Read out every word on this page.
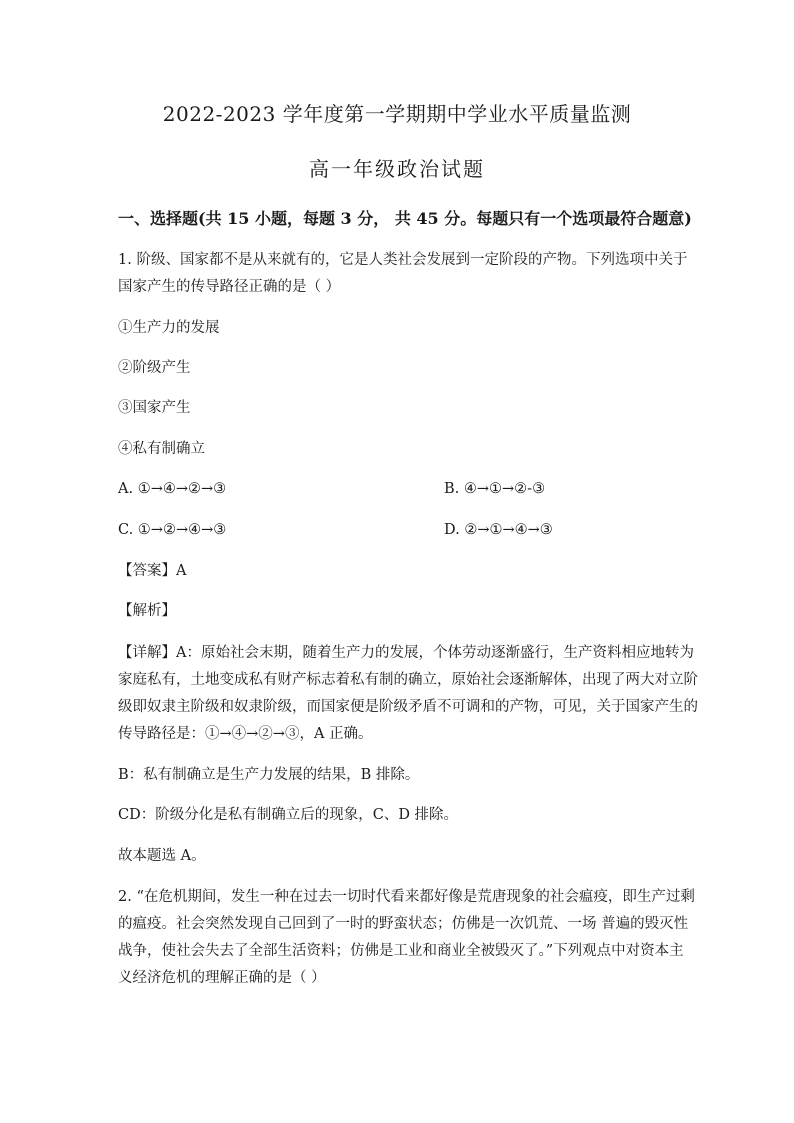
2022-2023 学年度第一学期期中学业水平质量监测
高一年级政治试题
一、选择题(共 15 小题，每题 3 分， 共 45 分。每题只有一个选项最符合题意)
1. 阶级、国家都不是从来就有的，它是人类社会发展到一定阶段的产物。下列选项中关于
国家产生的传导路径正确的是（ ）
①生产力的发展
②阶级产生
③国家产生
④私有制确立
A. ①→④→②→③	B. ④→①→②-③
C. ①→②→④→③	D. ②→①→④→③
【答案】A
【解析】
【详解】A：原始社会末期，随着生产力的发展，个体劳动逐渐盛行，生产资料相应地转为
家庭私有，土地变成私有财产标志着私有制的确立，原始社会逐渐解体，出现了两大对立阶
级即奴隶主阶级和奴隶阶级，而国家便是阶级矛盾不可调和的产物，可见，关于国家产生的
传导路径是：①→④→②→③，A 正确。
B：私有制确立是生产力发展的结果，B 排除。
CD：阶级分化是私有制确立后的现象，C、D 排除。
故本题选 A。
2. “在危机期间，发生一种在过去一切时代看来都好像是荒唐现象的社会瘟疫，即生产过剩
的瘟疫。社会突然发现自己回到了一时的野蛮状态；仿佛是一次饥荒、一场 普遍的毁灭性
战争，使社会失去了全部生活资料；仿佛是工业和商业全被毁灭了。”下列观点中对资本主
义经济危机的理解正确的是（ ）
